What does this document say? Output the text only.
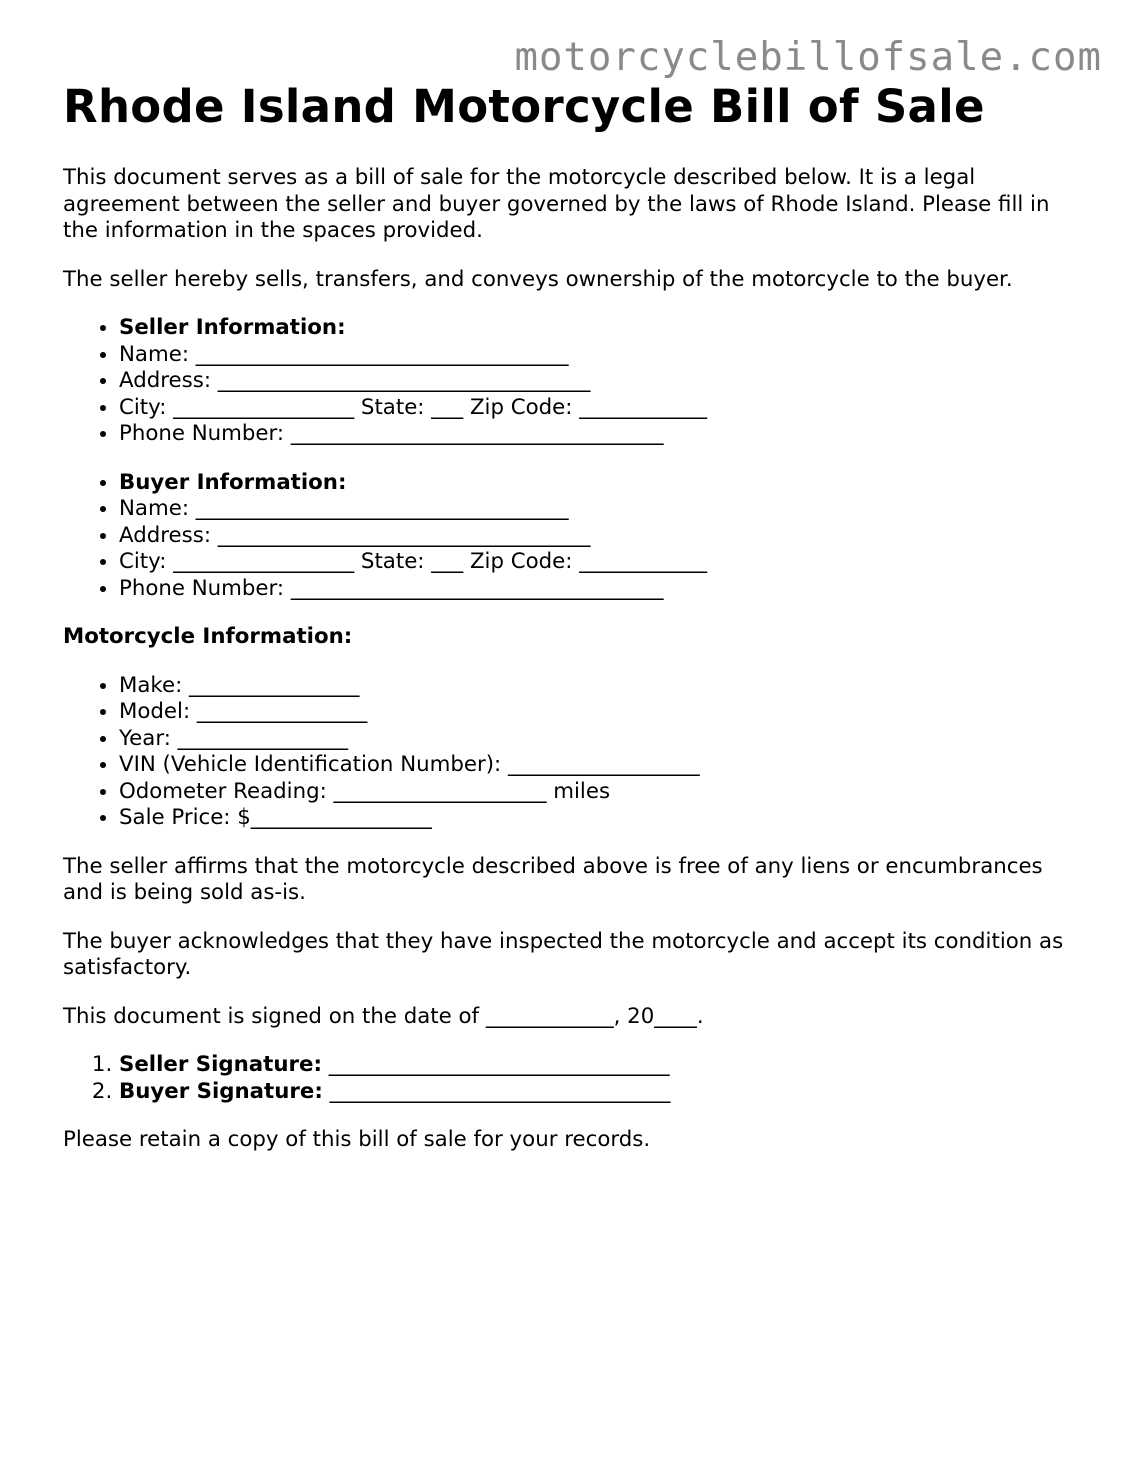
motorcyclebillofsale.com
Rhode Island Motorcycle Bill of Sale

This document serves as a bill of sale for the motorcycle described below. It is a legal agreement between the seller and buyer governed by the laws of Rhode Island. Please fill in the information in the spaces provided.

The seller hereby sells, transfers, and conveys ownership of the motorcycle to the buyer.

• Seller Information:
• Name: ___________________________________
• Address: ___________________________________
• City: _________________ State: ___ Zip Code: ____________
• Phone Number: ___________________________________
• Buyer Information:
• Name: ___________________________________
• Address: ___________________________________
• City: _________________ State: ___ Zip Code: ____________
• Phone Number: ___________________________________

Motorcycle Information:

• Make: ________________
• Model: ________________
• Year: ________________
• VIN (Vehicle Identification Number): __________________
• Odometer Reading: ____________________ miles
• Sale Price: $_________________

The seller affirms that the motorcycle described above is free of any liens or encumbrances and is being sold as-is.

The buyer acknowledges that they have inspected the motorcycle and accept its condition as satisfactory.

This document is signed on the date of ____________, 20____.

1. Seller Signature: ________________________________
2. Buyer Signature: ________________________________

Please retain a copy of this bill of sale for your records.
